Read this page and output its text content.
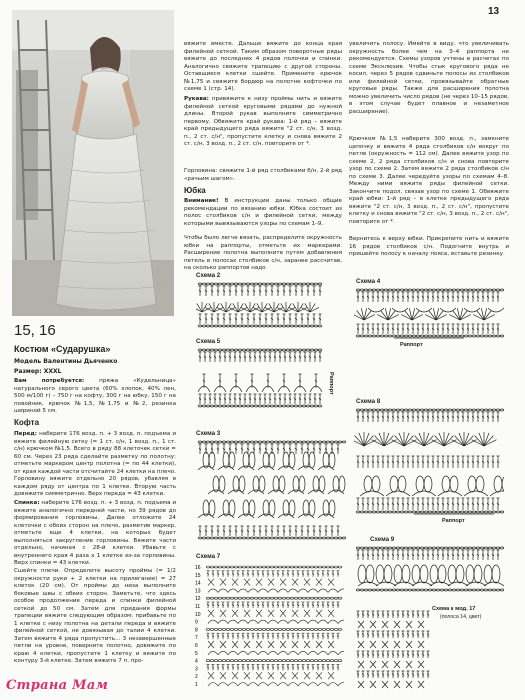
13
15, 16
Костюм «Сударушка»
Модель Валентины Дьяченко
Размер: XXXL
Вам потребуется:	пряжа «Кудельница» натурального серого цвета (60% хлопок, 40% лен, 500 м/100 г) – 750 г на кофту, 300 г на юбку, 150 г на повойник, крючок №1,5, №1,75 и №2, резинка шириной 5 см.
Кофта
Перед: наберите 176 возд. п. + 3 возд. п. подъема и вяжите филейную сетку (= 1 ст. с/н, 1 возд. п., 1 ст. с/н) крючком №1,5. Всего в ряду 88 клеточек сетки = 60 см. Через 23 ряда сделайте разметку по полотну: отметьте маркером центр полотна (= по 44 клетки), от края каждой части отсчитайте 24 клетки на плечо. Горловину вяжите отдельно 20 рядов, убавляя в каждом ряду от центра по 1 клетке. Вторую часть довяжите симметрично. Верх переда = 43 клетки.
Спинка: наберите 176 возд. п. + 3 возд. п. подъема и вяжите аналогично передней части, но 39 рядов до формирования горловины. Далее отложите 24 клеточки с обоих сторон на плечо, разметив маркер, отметьте еще 4 клетки, на которых будет выполняться закругление горловины. Вяжите части отдельно, начиная с 28-й клетки. Убавьте с внутреннего края 4 раза х 1 клетке из-за горловины. Верх спинки = 43 клетки.
Сшейте плечи. Определите высоту проймы (= 1/2 окружности руки + 2 клетки на прилегание) = 27 клеток (20 см). От проймы до низа выполните боковые швы с обеих сторон. Заметьте, что здесь особое продолжение переда и спинки филейной сеткой до 50 см. Затем для придания формы трапеции вяжите следующим образом: прибавьте по 1 клетке с низу полотна на детали переда и вяжите филейной сеткой, не довязывая до талии 4 клетки. Затем вяжите 4 ряда пропустить... 3 незавершенные петли на уровне, поверните полотно, довяжите по краю 4 клетки, пропустите 1 клетку и вяжите по контуру 3-й клетке. Затем вяжите 7 п. про-
вяжите вместе. Дальше вяжите до конца края филейной сеткой. Таким образом поворотные ряды вяжите до последних 4 рядов полочки и спинки. Аналогично свяжите трапецию с другой стороны. Оставшиеся клетки сшейте. Примените крючок №1,75 и свяжите бордюр на полотне кофточки по схеме 1 (стр. 14).
Рукава: привяжите к низу проймы нить и вяжите филейной сеткой круговыми рядами до нужной длины. Второй рукав выполните симметрично первому. Обвяжите край рукава: 1-й ряд – вяжите край предыдущего ряда вяжите "2 ст. с/н, 3 возд. п., 2 ст. с/н", пропустите клетку и снова вяжите 2 ст. с/н, 3 возд. п., 2 ст. с/н, повторите от *.
Горловина: свяжите 1-й ряд столбиками б/н, 2-й ряд «рачьим шагом».
Юбка
Внимание! В инструкции даны только общие рекомендации по вязанию юбки. Юбка состоит из полос столбиков с/н и филейной сетки, между которыми вывязываются узоры по схемам 1–9.
Чтобы было легче вязать, распределите окружность юбки на раппорты, отметьте их маркерами. Расширение полотна выполните путем добавления петель в полосах столбиков с/н, заранее рассчитав, на сколько раппортов надо
увеличить полосу. Имейте в виду, что увеличивать окружность более чем на 3–4 раппорта не рекомендуется. Схемы узоров учтены в расчетах по схеме Эксклюзив. Чтобы стык кругового ряда не косил, через 5 рядов сдвиньте полосы из столбиков или филейной сетки, провязывайте обратные круговые ряды. Также для расширения полотна можно увеличить число рядов (не через 10–15 рядов, в этом случае будет плавное и незаметное расширение).
Крючком №1,5 наберите 300 возд. п., замкните цепочку и вяжите 4 ряда столбиков с/н вокруг по петле (окружность = 112 см). Далее вяжите узор по схеме 2, 2 ряда столбиков с/н и снова повторите узор по схеме 2. Затем вяжите 2 ряда столбиков с/н по схеме 3. Далее чередуйте узоры по схемам 4–8. Между ними вяжите ряды филейной сетки. Закончите подол, связав узор по схеме 1. Обвяжите край юбки: 1-й ряд – в клетке предыдущего ряда вяжите "2 ст. с/н, 3 возд. п., 2 ст. с/н", пропустите клетку и снова вяжите "2 ст. с/н, 3 возд. п., 2 ст. с/н", повторите от *.
Вернитесь к верху юбки. Прикрепите нить и вяжите 16 рядов столбиков с/н. Подогните внутрь и пришейте полосу к началу пояса, вставьте резинку.
Схема 2
Схема 5
Раппорт
Схема 3
Схема 7
16
15
14
13
12
11
10
9
8
7
6
5
4
3
2
1
Схема 4
Раппорт
Схема 8
Раппорт
Схема 9
Схема к мод. 17
(полоса 14, цвет)
Страна Мам
